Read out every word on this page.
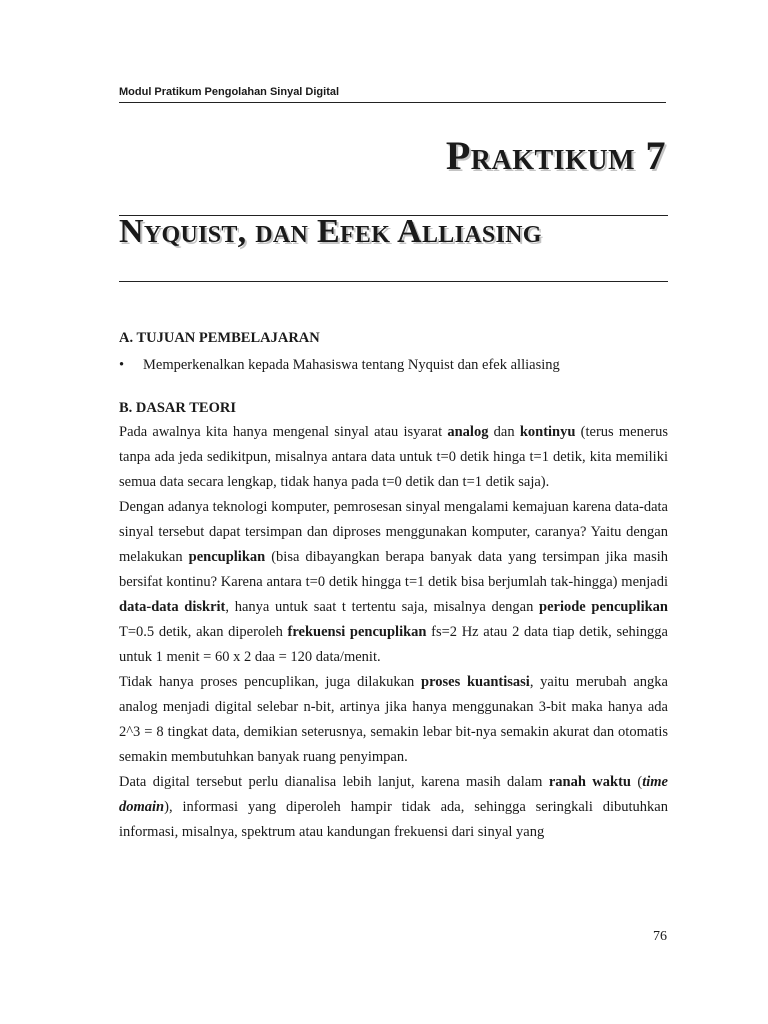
Modul Pratikum Pengolahan Sinyal Digital
Praktikum 7
Nyquist, dan Efek Alliasing
A. TUJUAN PEMBELAJARAN
•	Memperkenalkan kepada Mahasiswa tentang Nyquist dan efek alliasing
B. DASAR TEORI

Pada awalnya kita hanya mengenal sinyal atau isyarat analog dan kontinyu (terus menerus tanpa ada jeda sedikitpun, misalnya antara data untuk t=0 detik hinga t=1 detik, kita memiliki semua data secara lengkap, tidak hanya pada t=0 detik dan t=1 detik saja).

Dengan adanya teknologi komputer, pemrosesan sinyal mengalami kemajuan karena data-data sinyal tersebut dapat tersimpan dan diproses menggunakan komputer, caranya? Yaitu dengan melakukan pencuplikan (bisa dibayangkan berapa banyak data yang tersimpan jika masih bersifat kontinu? Karena antara t=0 detik hingga t=1 detik bisa berjumlah tak-hingga) menjadi data-data diskrit, hanya untuk saat t tertentu saja, misalnya dengan periode pencuplikan T=0.5 detik, akan diperoleh frekuensi pencuplikan fs=2 Hz atau 2 data tiap detik, sehingga untuk 1 menit = 60 x 2 daa = 120 data/menit.

Tidak hanya proses pencuplikan, juga dilakukan proses kuantisasi, yaitu merubah angka analog menjadi digital selebar n-bit, artinya jika hanya menggunakan 3-bit maka hanya ada 2^3 = 8 tingkat data, demikian seterusnya, semakin lebar bit-nya semakin akurat dan otomatis semakin membutuhkan banyak ruang penyimpan.

Data digital tersebut perlu dianalisa lebih lanjut, karena masih dalam ranah waktu (time domain), informasi yang diperoleh hampir tidak ada, sehingga seringkali dibutuhkan informasi, misalnya, spektrum atau kandungan frekuensi dari sinyal yang

76
